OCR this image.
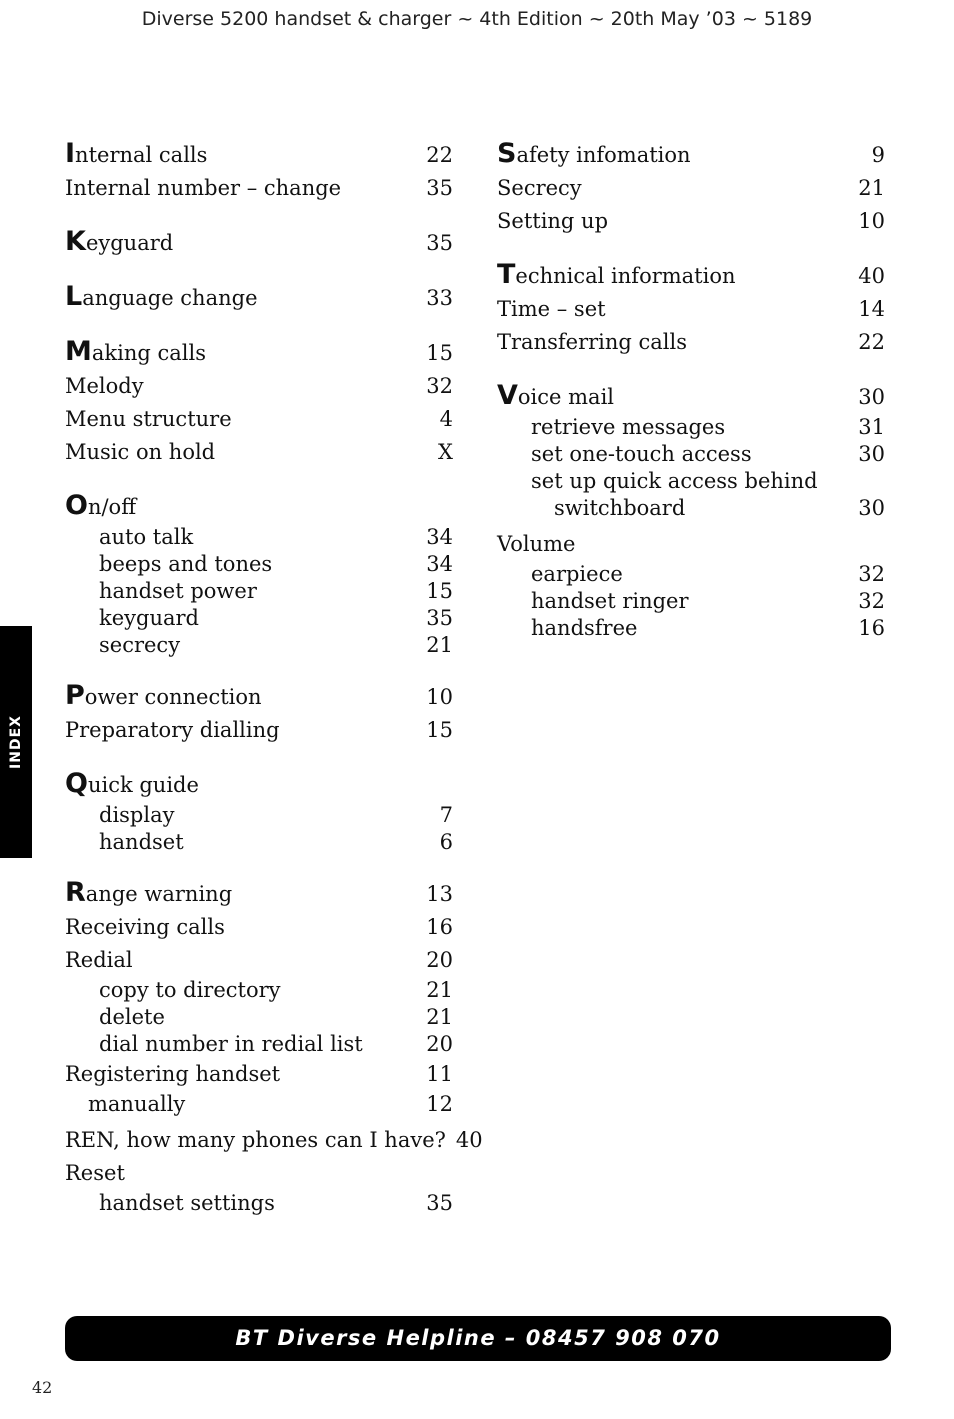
Diverse 5200 handset & charger ~ 4th Edition ~ 20th May ’03 ~ 5189
INDEX
Internal calls	22
Internal number – change	35
Keyguard	35
Language change	33
Making calls	15
Melody	32
Menu structure	4
Music on hold	X
On/off
auto talk	34
beeps and tones	34
handset power	15
keyguard	35
secrecy	21
Power connection	10
Preparatory dialling	15
Quick guide
display	7
handset	6
Range warning	13
Receiving calls	16
Redial	20
copy to directory	21
delete	21
dial number in redial list	20
Registering handset	11
manually	12
REN, how many phones can I have? 40
Reset
handset settings	35
Safety infomation	9
Secrecy	21
Setting up	10
Technical information	40
Time – set	14
Transferring calls	22
Voice mail	30
retrieve messages	31
set one-touch access	30
set up quick access behind
switchboard	30
Volume
earpiece	32
handset ringer	32
handsfree	16
BT Diverse Helpline – 08457 908 070
42
